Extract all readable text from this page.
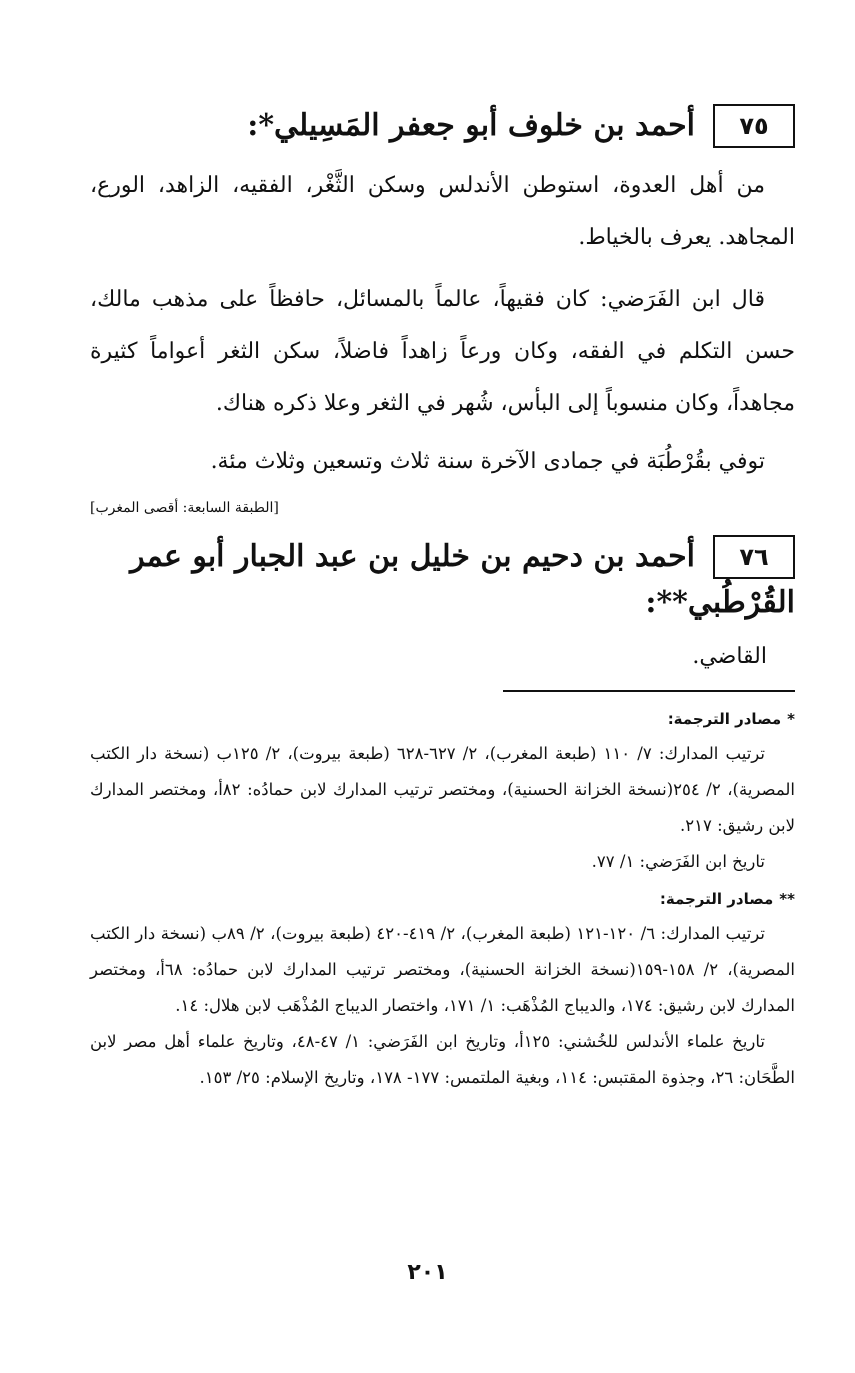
٧٥
أحمد بن خلوف أبو جعفر المَسِيلي*:

من أهل العدوة، استوطن الأندلس وسكن الثَّغْر، الفقيه، الزاهد، الورع، المجاهد. يعرف بالخياط.

قال ابن الفَرَضي: كان فقيهاً، عالماً بالمسائل، حافظاً على مذهب مالك، حسن التكلم في الفقه، وكان ورعاً زاهداً فاضلاً، سكن الثغر أعواماً كثيرة مجاهداً، وكان منسوباً إلى البأس، شُهر في الثغر وعلا ذكره هناك.

توفي بقُرْطُبَة في جمادى الآخرة سنة ثلاث وتسعين وثلاث مئة.

[الطبقة السابعة: أقصى المغرب]
٧٦
أحمد بن دحيم بن خليل بن عبد الجبار أبو عمر

القُرْطُبي**:

القاضي.

*مصادر الترجمة:

ترتيب المدارك: ٧/ ١١٠ (طبعة المغرب)، ٢/ ٦٢٧-٦٢٨ (طبعة بيروت)، ٢/ ١٢٥ب (نسخة دار الكتب المصرية)، ٢/ ٢٥٤(نسخة الخزانة الحسنية)، ومختصر ترتيب المدارك لابن حمادُه: ٨٢أ، ومختصر المدارك لابن رشيق: ٢١٧.

تاريخ ابن الفَرَضي: ١/ ٧٧.

**مصادر الترجمة:

ترتيب المدارك: ٦/ ١٢٠-١٢١ (طبعة المغرب)، ٢/ ٤١٩-٤٢٠ (طبعة بيروت)، ٢/ ٨٩ب (نسخة دار الكتب المصرية)، ٢/ ١٥٨-١٥٩(نسخة الخزانة الحسنية)، ومختصر ترتيب المدارك لابن حمادُه: ٦٨أ، ومختصر المدارك لابن رشيق: ١٧٤، والديباج المُذْهَب: ١/ ١٧١، واختصار الديباج المُذْهَب لابن هلال: ١٤.

تاريخ علماء الأندلس للخُشني: ١٢٥أ، وتاريخ ابن الفَرَضي: ١/ ٤٧-٤٨، وتاريخ علماء أهل مصر لابن الطَّحَان: ٢٦، وجذوة المقتبس: ١١٤، وبغية الملتمس: ١٧٧- ١٧٨، وتاريخ الإسلام: ٢٥/ ١٥٣.

٢٠١
